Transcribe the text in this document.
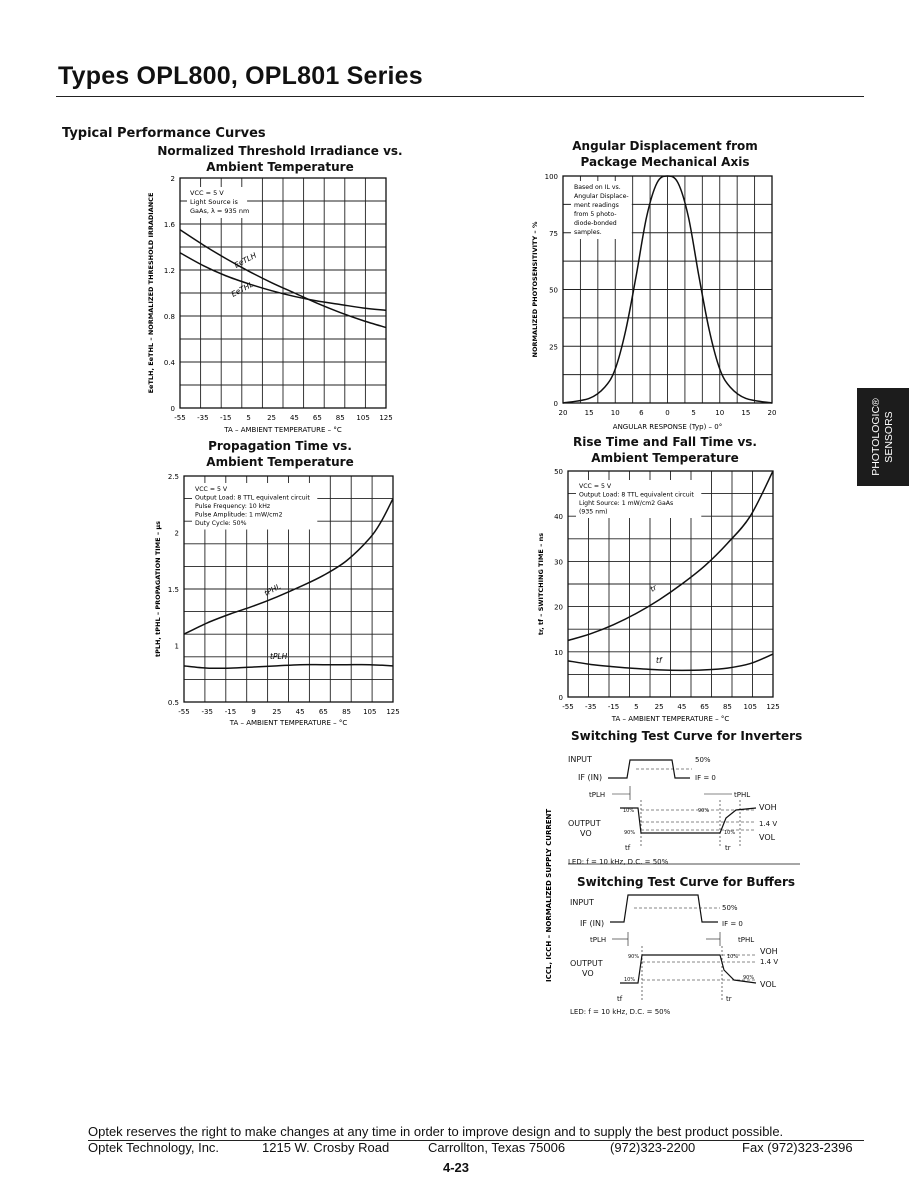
Types OPL800, OPL801 Series
Typical Performance Curves
Normalized Threshold Irradiance vs.
Ambient Temperature
Angular Displacement from
Package Mechanical Axis
Propagation Time vs.
Ambient Temperature
Rise Time and Fall Time vs.
Ambient Temperature
VCC = 5 V
Light Source is
GaAs, λ = 935 nm
-55 -35 -15 5 25 45 65 85 105 125
0
0.4
0.8
1.2
1.6
2
TA – AMBIENT TEMPERATURE – °C
EeTLH, EeTHL – NORMALIZED THRESHOLD IRRADIANCE	EeTLH
EeTHL
Based on IL vs.
Angular Displace-
ment readings
from 5 photo-
diode-bonded
samples.
20 15 10	6	0	5	10 15 20
0
25
50
75
100
ANGULAR RESPONSE (Typ) – 0°
NORMALIZED PHOTOSENSITIVITY – %
VCC = 5 V
Output Load: 8 TTL equivalent circuit
Pulse Frequency: 10 kHz
Pulse Amplitude: 1 mW/cm2
Duty Cycle: 50%
-55 -35 -15 9 25 45 65 85 105 125
0.5
1
1.5
2
2.5
TA – AMBIENT TEMPERATURE – °C
tPLH, tPHL – PROPAGATION TIME – μs	tPHL
tPLH
VCC = 5 V
Output Load: 8 TTL equivalent circuit
Light Source: 1 mW/cm2 GaAs
(935 nm)
-55 -35 -15 5 25 45 65 85 105 125
0
10
20
30
40
50
TA – AMBIENT TEMPERATURE – °C
tr, tf – SWITCHING TIME – ns	tr
tf
Switching Test Curve for Inverters
INPUT
IF (IN)
50%
IF = 0
tPLH	tPHL
VOH
1.4 V
VOL
OUTPUT
VO
10%
90%
90%
10%
tf	tr
LED: f = 10 kHz, D.C. = 50%
Switching Test Curve for Buffers
INPUT
IF (IN)
50%
IF = 0
tPLH	tPHL
VOH
1.4 V
VOL
OUTPUT
VO
90%
10%
10%
90%
tf	tr
LED: f = 10 kHz, D.C. = 50%
ICCL, ICCH – NORMALIZED SUPPLY CURRENT
PHOTOLOGIC® SENSORS
Optek reserves the right to make changes at any time in order to improve design and to supply the best product possible.
Optek Technology, Inc.	1215 W. Crosby Road	Carrollton, Texas 75006	(972)323-2200	Fax (972)323-2396
4-23
